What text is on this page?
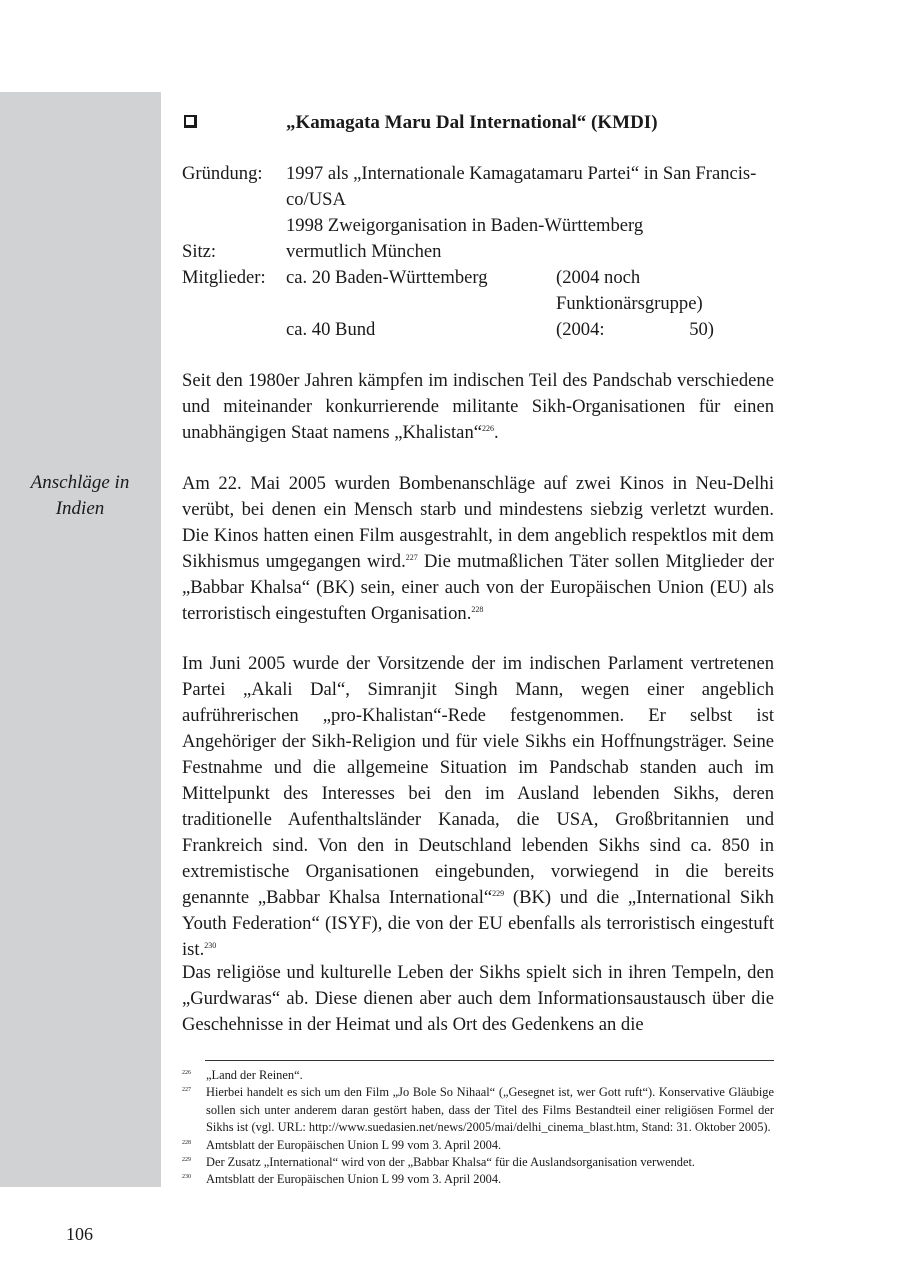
Anschläge in Indien
„Kamagata Maru Dal International“ (KMDI)
Gründung: 1997 als „Internationale Kamagatamaru Partei“ in San Francis-
co/USA
1998 Zweigorganisation in Baden-Württemberg
Sitz:	vermutlich München
Mitglieder: ca. 20 Baden-Württemberg	(2004 noch
Funktionärsgruppe)
ca. 40 Bund	(2004:	50)

Seit den 1980er Jahren kämpfen im indischen Teil des Pandschab verschiedene und miteinander konkurrierende militante Sikh-Organisationen für einen unabhängigen Staat namens „Khalistan“$^{226}$.

Am 22. Mai 2005 wurden Bombenanschläge auf zwei Kinos in Neu-Delhi verübt, bei denen ein Mensch starb und mindestens siebzig verletzt wurden. Die Kinos hatten einen Film ausgestrahlt, in dem angeblich respektlos mit dem Sikhismus umgegangen wird.$^{227}$ Die mutmaßlichen Täter sollen Mitglieder der „Babbar Khalsa“ (BK) sein, einer auch von der Europäischen Union (EU) als terroristisch eingestuften Organisation.$^{228}$

Im Juni 2005 wurde der Vorsitzende der im indischen Parlament vertretenen Partei „Akali Dal“, Simranjit Singh Mann, wegen einer angeblich aufrührerischen „pro-Khalistan“-Rede festgenommen. Er selbst ist Angehöriger der Sikh-Religion und für viele Sikhs ein Hoffnungsträger. Seine Festnahme und die allgemeine Situation im Pandschab standen auch im Mittelpunkt des Interesses bei den im Ausland lebenden Sikhs, deren traditionelle Aufenthaltsländer Kanada, die USA, Großbritannien und Frankreich sind. Von den in Deutschland lebenden Sikhs sind ca. 850 in extremistische Organisationen eingebunden, vorwiegend in die bereits genannte „Babbar Khalsa International“$^{229}$ (BK) und die „International Sikh Youth Federation“ (ISYF), die von der EU ebenfalls als terroristisch eingestuft ist.$^{230}$

Das religiöse und kulturelle Leben der Sikhs spielt sich in ihren Tempeln, den „Gurdwaras“ ab. Diese dienen aber auch dem Informationsaustausch über die Geschehnisse in der Heimat und als Ort des Gedenkens an die

226 „Land der Reinen“.
227 Hierbei handelt es sich um den Film „Jo Bole So Nihaal“ („Gesegnet ist, wer Gott ruft“). Konservative Gläubige sollen sich unter anderem daran gestört haben, dass der Titel des Films Bestandteil einer religiösen Formel der Sikhs ist (vgl. URL: http://www.suedasien.net/news/2005/mai/delhi_cinema_blast.htm, Stand: 31. Oktober 2005).
228 Amtsblatt der Europäischen Union L 99 vom 3. April 2004.
229 Der Zusatz „International“ wird von der „Babbar Khalsa“ für die Auslandsorganisation verwendet.
230 Amtsblatt der Europäischen Union L 99 vom 3. April 2004.
106
